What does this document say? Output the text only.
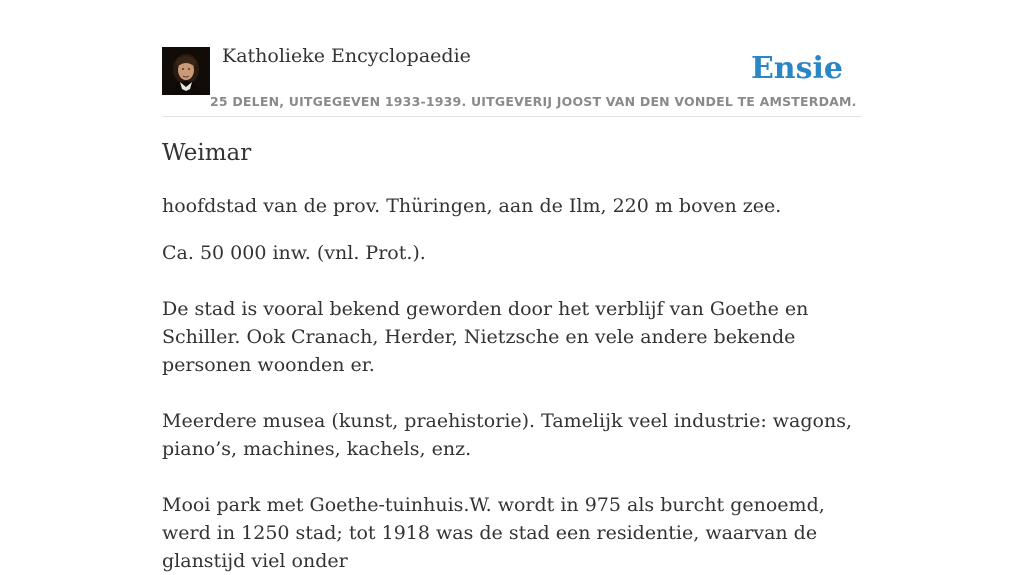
Katholieke Encyclopaedie
25 DELEN, UITGEGEVEN 1933-1939. UITGEVERIJ JOOST VAN DEN VONDEL TE AMSTERDAM.
Ensie
Weimar

hoofdstad van de prov. Thüringen, aan de Ilm, 220 m boven zee.

Ca. 50 000 inw. (vnl. Prot.).

De stad is vooral bekend geworden door het verblijf van Goethe en Schiller. Ook Cranach, Herder, Nietzsche en vele andere bekende personen woonden er.

Meerdere musea (kunst, praehistorie). Tamelijk veel industrie: wagons, piano’s, machines, kachels, enz.

Mooi park met Goethe-tuinhuis.W. wordt in 975 als burcht genoemd, werd in 1250 stad; tot 1918 was de stad een residentie, waarvan de glanstijd viel onder
